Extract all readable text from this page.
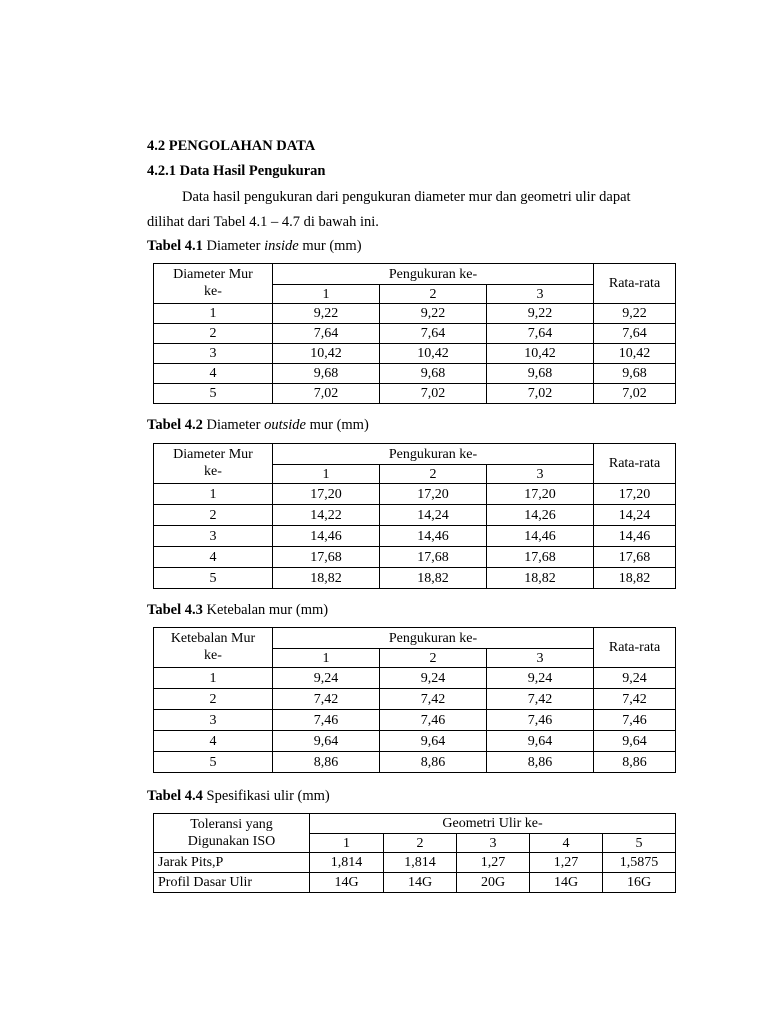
4.2 PENGOLAHAN DATA
4.2.1 Data Hasil Pengukuran
Data hasil pengukuran dari pengukuran diameter mur dan geometri ulir dapat
dilihat dari Tabel 4.1 – 4.7 di bawah ini.
Tabel 4.1 Diameter inside mur (mm)
Diameter Mur
ke-	Pengukuran ke-			Rata-rata
	1	2	3	
1	9,22	9,22	9,22	9,22
2	7,64	7,64	7,64	7,64
3	10,42	10,42	10,42	10,42
4	9,68	9,68	9,68	9,68
5	7,02	7,02	7,02	7,02
Tabel 4.2 Diameter outside mur (mm)
Diameter Mur
ke-	Pengukuran ke-			Rata-rata
	1	2	3	
1	17,20	17,20	17,20	17,20
2	14,22	14,24	14,26	14,24
3	14,46	14,46	14,46	14,46
4	17,68	17,68	17,68	17,68
5	18,82	18,82	18,82	18,82
Tabel 4.3 Ketebalan mur (mm)
Ketebalan Mur
ke-	Pengukuran ke-			Rata-rata
	1	2	3	
1	9,24	9,24	9,24	9,24
2	7,42	7,42	7,42	7,42
3	7,46	7,46	7,46	7,46
4	9,64	9,64	9,64	9,64
5	8,86	8,86	8,86	8,86
Tabel 4.4 Spesifikasi ulir (mm)
Toleransi yang
Digunakan ISO	Geometri Ulir ke-				
	1	2	3	4	5
Jarak Pits,P	1,814	1,814	1,27	1,27	1,5875
Profil Dasar Ulir	14G	14G	20G	14G	16G
